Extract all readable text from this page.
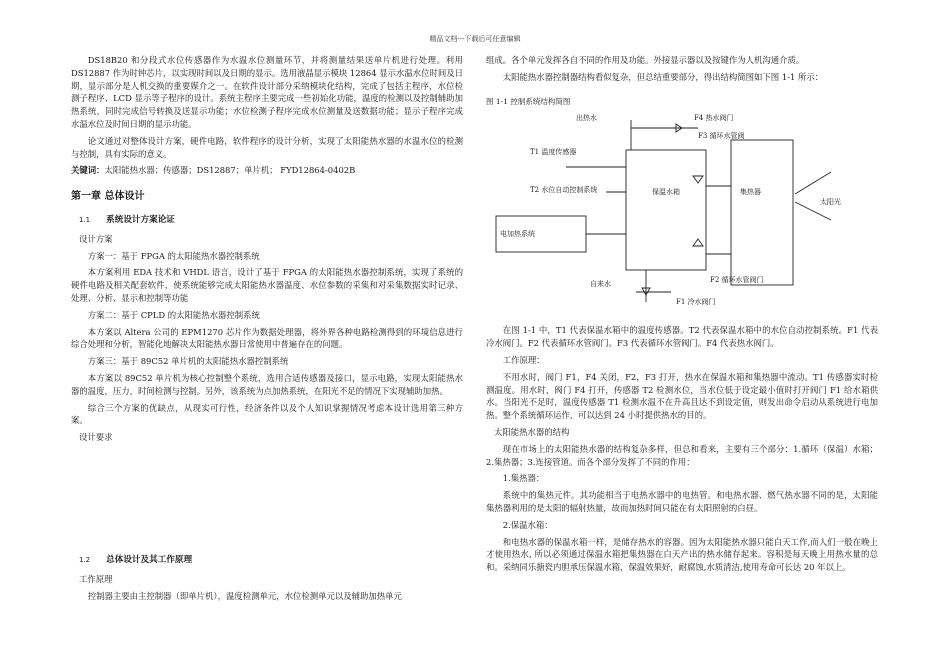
精品文档---下载后可任意编辑

DS18B20 和分段式水位传感器作为水温水位测量环节，并将测量结果送单片机进行处理。利用 DS12887 作为时钟芯片，以实现时间以及日期的显示。选用液晶显示模块 12864 显示水温水位时间及日期，显示部分是人机交换的重要媒介之一。在软件设计部分采纳模块化结构，完成了包括主程序，水位检测子程序、LCD 显示等子程序的设计。系统主程序主要完成一些初始化功能，温度的检测以及控制辅助加热系统，同时完成信号转换及送显示功能；水位检测子程序完成水位测量及送数据功能；显示子程序完成水温水位及时间日期的显示功能。

论文通过对整体设计方案，硬件电路，软件程序的设计分析，实现了太阳能热水器的水温水位的检测与控制，具有实际的意义。

关键词：太阳能热水器；传感器；DS12887；单片机； FYD12864-0402B

第一章 总体设计
1.1 系统设计方案论证

设计方案

方案一：基于 FPGA 的太阳能热水器控制系统

本方案利用 EDA 技术和 VHDL 语言，设计了基于 FPGA 的太阳能热水器控制系统，实现了系统的硬件电路及相关配套软件，使系统能够完成太阳能热水器温度、水位参数的采集和对采集数据实时记录、处理、分析、显示和控制等功能

方案二：基于 CPLD 的太阳能热水器控制系统

本方案以 Altera 公司的 EPM1270 芯片作为数据处理器，将外界各种电路检测得到的环境信息进行综合处理和分析，智能化地解决太阳能热水器日常使用中普遍存在的问题。

方案三：基于 89C52 单片机的太阳能热水器控制系统

本方案以 89C52 单片机为核心控制整个系统，选用合适传感器及接口，显示电路，实现太阳能热水器的温度，压力，时间检测与控制。另外，该系统为点加热系统，在阳光不足的情况下实现辅助加热。

综合三个方案的优缺点，从现实可行性，经济条件以及个人知识掌握情况考虑本设计选用第三种方案。

设计要求

1.2 总体设计及其工作原理

工作原理

控制器主要由主控制器（即单片机），温度检测单元，水位检测单元以及辅助加热单元

组成。各个单元发挥各自不同的作用及功能。外接显示器以及按键作为人机沟通介质。

太阳能热水器控制器结构看似复杂，但总结重要部分，得出结构简图如下图 1-1 所示：

图 1-1 控制系统结构简图

出热水	F4 热水阀门
F3 循环水管阀
T1 温度传感器
T2 水位自动控制系统	保温水箱	集热器
太阳光
电加热系统
自来水	F2 循环水管阀门
F1 冷水阀门

在图 1-1 中，T1 代表保温水箱中的温度传感器。T2 代表保温水箱中的水位自动控制系统。F1 代表冷水阀门。F2 代表循环水管阀门。F3 代表循环水管阀门。F4 代表热水阀门。

工作原理：

不用水时，阀门 F1，F4 关闭，F2，F3 打开，热水在保温水箱和集热器中流动。T1 传感器实时检测温度。用水时，阀门 F4 打开，传感器 T2 检测水位，当水位低于设定最小值时打开阀门 F1 给水箱供水。当阳光不足时，温度传感器 T1 检测水温不在升高且达不到设定值，则发出命令启动从系统进行电加热。整个系统循环运作，可以达到 24 小时提供热水的目的。

太阳能热水器的结构

现在市场上的太阳能热水器的结构复杂多样，但总和看来，主要有三个部分：1.循环（保温）水箱；2.集热器；3.连接管道。而各个部分发挥了不同的作用：

1.集热器：

系统中的集热元件。其功能相当于电热水器中的电热管。和电热水器、燃气热水器不同的是，太阳能集热器利用的是太阳的辐射热量，故而加热时间只能在有太阳照射的白昼。

2.保温水箱：

和电热水器的保温水箱一样，是储存热水的容器。因为太阳能热水器只能白天工作,而人们一般在晚上才使用热水, 所以必须通过保温水箱把集热器在白天产出的热水储存起来。容积是每天晚上用热水量的总和。采纳同乐搪瓷内胆承压保温水箱，保温效果好，耐腐蚀,水质清洁,使用寿命可长达 20 年以上。
